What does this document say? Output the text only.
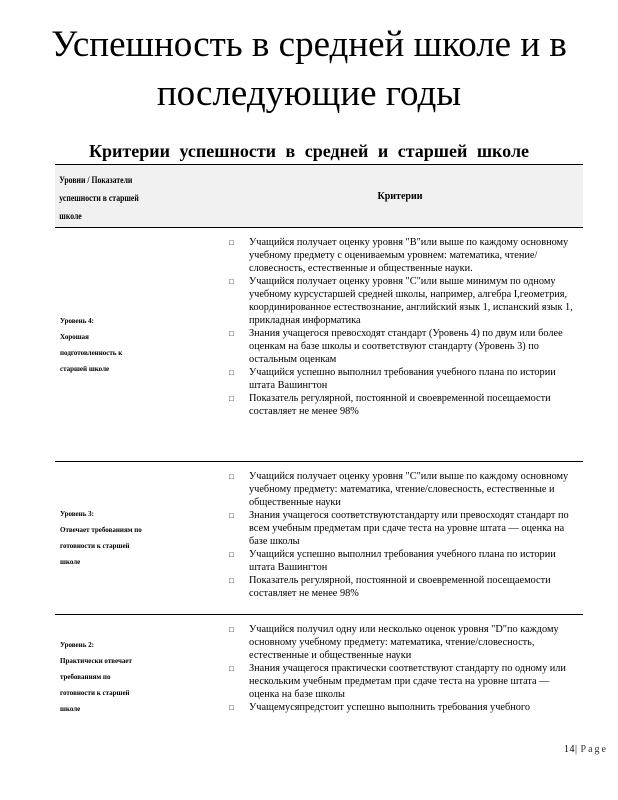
Успешность в средней школе и в последующие годы
Критерии успешности в средней и старшей школе
Уровни / Показатели
успешности в старшей
школе
Критерии
Уровень 4:
Хорошая
подготовленность к
старшей школе
□	Учащийся получает оценку уровня "B"или выше по каждому основному учебному предмету с оцениваемым уровнем: математика, чтение/словесность, естественные и общественные науки.
□	Учащийся получает оценку уровня "C"или выше минимум по одному учебному курсустаршей средней школы, например, алгебра I,геометрия, координированное естествознание, английский язык 1, испанский язык 1, прикладная информатика
□	Знания учащегося превосходят стандарт (Уровень 4) по двум или более оценкам на базе школы и соответствуют стандарту (Уровень 3) по остальным оценкам
□	Учащийся успешно выполнил требования учебного плана по истории штата Вашингтон
□	Показатель регулярной, постоянной и своевременной посещаемости составляет не менее 98%
Уровень 3:
Отвечает требованиям по
готовности к старшей
школе
□	Учащийся получает оценку уровня "C"или выше по каждому основному учебному предмету: математика, чтение/словесность, естественные и общественные науки
□	Знания учащегося соответствуютстандарту или превосходят стандарт по всем учебным предметам при сдаче теста на уровне штата — оценка на базе школы
□	Учащийся успешно выполнил требования учебного плана по истории штата Вашингтон
□	Показатель регулярной, постоянной и своевременной посещаемости составляет не менее 98%
Уровень 2:
Практически отвечает
требованиям по
готовности к старшей
школе
□	Учащийся получил одну или несколько оценок уровня "D"по каждому основному учебному предмету: математика, чтение/словесность, естественные и общественные науки
□	Знания учащегося практически соответствуют стандарту по одному или нескольким учебным предметам при сдаче теста на уровне штата —оценка на базе школы
□	Учащемусяпредстоит успешно выполнить требования учебного
14| Page
